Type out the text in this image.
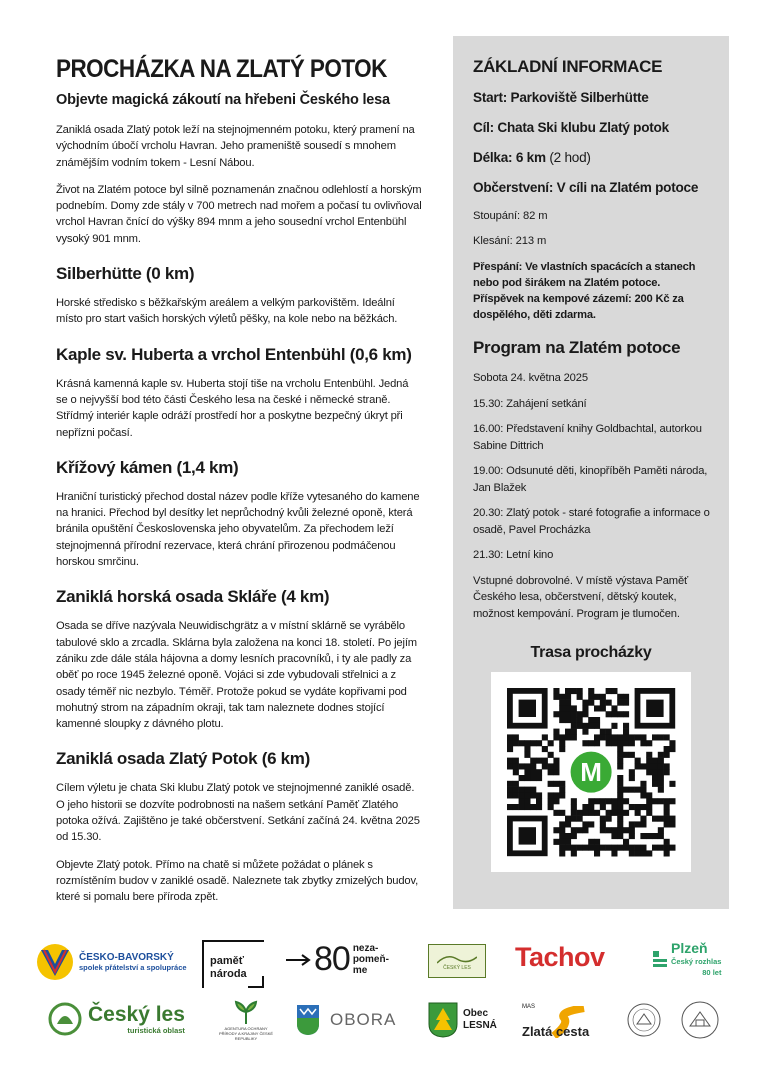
PROCHÁZKA NA ZLATÝ POTOK
Objevte magická zákoutí na hřebeni Českého lesa

Zaniklá osada Zlatý potok leží na stejnojmenném potoku, který pramení na východním úbočí vrcholu Havran. Jeho prameniště sousedí s mnohem známějším vodním tokem - Lesní Nábou.

Život na Zlatém potoce byl silně poznamenán značnou odlehlostí a horským podnebím. Domy zde stály v 700 metrech nad mořem a počasí tu ovlivňoval vrchol Havran čnící do výšky 894 mnm a jeho sousední vrchol Entenbühl vysoký 901 mnm.

Silberhütte (0 km)

Horské středisko s běžkařským areálem a velkým parkovištěm. Ideální místo pro start vašich horských výletů pěšky, na kole nebo na běžkách.

Kaple sv. Huberta a vrchol Entenbühl (0,6 km)

Krásná kamenná kaple sv. Huberta stojí tiše na vrcholu Entenbühl. Jedná se o nejvyšší bod této části Českého lesa na české i německé straně. Střídmý interiér kaple odráží prostředí hor a poskytne bezpečný úkryt při nepřízni počasí.

Křížový kámen (1,4 km)

Hraniční turistický přechod dostal název podle kříže vytesaného do kamene na hranici. Přechod byl desítky let neprůchodný kvůli železné oponě, která bránila opuštění Československa jeho obyvatelům. Za přechodem leží stejnojmenná přírodní rezervace, která chrání přirozenou podmáčenou horskou smrčinu.

Zaniklá horská osada Skláře (4 km)

Osada se dříve nazývala Neuwidischgrätz a v místní sklárně se vyrábělo tabulové sklo a zrcadla. Sklárna byla založena na konci 18. století. Po jejím zániku zde dále stála hájovna a domy lesních pracovníků, i ty ale padly za oběť po roce 1945 železné oponě. Vojáci si zde vybudovali střelnici a z osady téměř nic nezbylo. Téměř. Protože pokud se vydáte kopřivami pod mohutný strom na západním okraji, tak tam naleznete dodnes stojící kamenné sloupky z dávného plotu.

Zaniklá osada Zlatý Potok (6 km)

Cílem výletu je chata Ski klubu Zlatý potok ve stejnojmenné zaniklé osadě. O jeho historii se dozvíte podrobnosti na našem setkání Paměť Zlatého potoka ožívá. Zajištěno je také občerstvení. Setkání začíná 24. května 2025 od 15.30.

Objevte Zlatý potok. Přímo na chatě si můžete požádat o plánek s rozmístěním budov v zaniklé osadě. Naleznete tak zbytky zmizelých budov, které si pomalu bere příroda zpět.

ZÁKLADNÍ INFORMACE
Start: Parkoviště Silberhütte
Cíl: Chata Ski klubu Zlatý potok
Délka: 6 km (2 hod)
Občerstvení: V cíli na Zlatém potoce
Stoupání: 82 m
Klesání: 213 m
Přespání: Ve vlastních spacácích a stanech nebo pod širákem na Zlatém potoce. Příspěvek na kempové zázemí: 200 Kč za dospělého, děti zdarma.
Program na Zlatém potoce
Sobota 24. května 2025
15.30: Zahájení setkání
16.00: Představení knihy Goldbachtal, autorkou Sabine Dittrich
19.00: Odsunuté děti, kinopříběh Paměti národa, Jan Blažek
20.30: Zlatý potok - staré fotografie a informace o osadě, Pavel Procházka
21.30: Letní kino
Vstupné dobrovolné. V místě výstava Paměť Českého lesa, občerstvení, dětský koutek, možnost kempování. Program je tlumočen.
Trasa procházky
M
ČESKO-BAVORSKÝ
spolek přátelství a spolupráce
paměť
národa 80 neza-
pomeň-
me	ČESKÝ LES Tachov	Plzeň
Český rozhlas
80 let
Český les
turistická oblast	AGENTURA OCHRANY PŘÍRODY A KRAJINY ČESKÉ REPUBLIKY
OBORA	Obec
LESNÁ
MAS
Zlatá cesta
